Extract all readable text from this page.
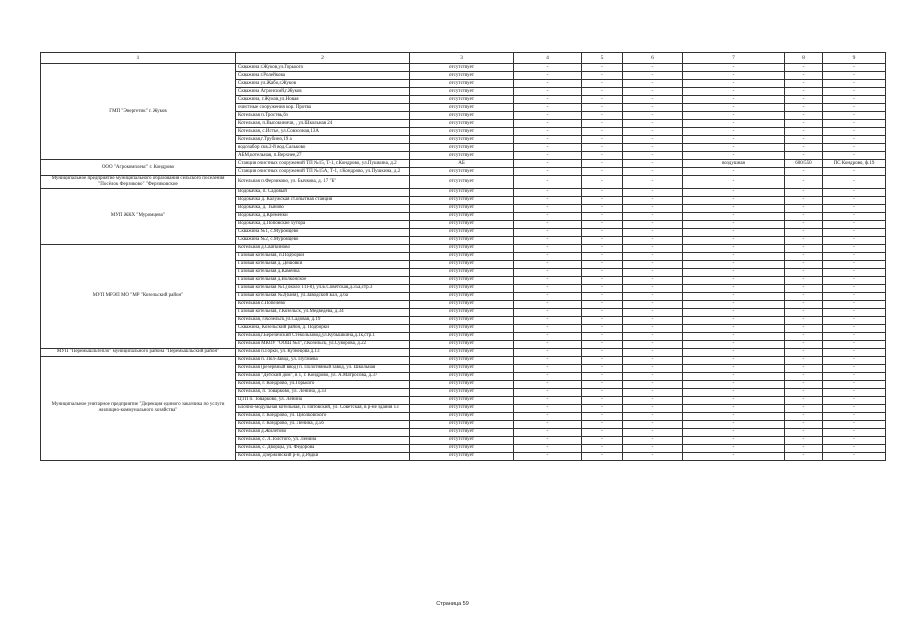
1	2	3	4	5	6	7	8	9
ГМП "Энергетик" г. Жуков	Скважина г.Жуков,ул.Горького	отсутствует	-	-	-	-	-	-
	Скважина г.Ролейкова	отсутствует	-	-	-	-	-	-
	Скважина ул.Жабо,г.Жуков	отсутствует	-	-	-	-	-	-
	Скважина Агронский,г.Жуков	отсутствует	-	-	-	-	-	-
	Скважина, г.Жуков,ул.Новая	отсутствует	-	-	-	-	-	-
	очистные сооружения кор. Протва	отсутствует	-	-	-	-	-	-
	Котельная п.Троствь,6з	отсутствует	-	-	-	-	-	-
	Котельная, п.Высокиничи, , ул.Школьная 24	отсутствует	-	-	-	-	-	-
	Котельная, с.Истье, ул.Совхозная,13А	отсутствует	-	-	-	-	-	-
	Котельная,г.Трубино,19 а	отсутствует	-	-	-	-	-	-
	водозабор скв.2-й вод.Сальково	отсутствует	-	-	-	-	-	-
	АБМ,котельная, п.Верхнее,27	отсутствует	-	-	-	-	-	-
ООО "Агрокомплекс" г. Кондрово	Станция очистных сооружений ТП №15, Т-1, г.Кондрово, ул.Пушкина, д.2	АБ	-	-	-	воздушная	600/550	ПС Кондрово, ф.19
	Станция очистных сооружений ТП №15А, Т-1, г.Кондрово, ул.Пушкина, д.2	отсутствует	-	-	-	-	-	-
Муниципальное предприятие муниципального образования сельского поселения "Посёлок Ферзиково" "Ферзиковские	Котельная п.Ферзиково, ул. Бычкова, д. 17 "Б"	отсутствует	-	-	-	-	-	-
МУП ЖКХ "Муромцево"	Водокачка, п. Садовый	отсутствует	-	-	-	-	-	-
	Водокачка д. Калужская ст.опытная станция	отсутствует	-	-	-	-	-	-
	Водокачка, д. Тыново	отсутствует	-	-	-	-	-	-
	Водокачка, д.Кременки	отсутствует	-	-	-	-	-	-
	Водокачка, д.Поповские хутора	отсутствует	-	-	-	-	-	-
	Скважина №1, с.Муромцево	отсутствует	-	-	-	-	-	-
	Скважина №2, с.Муромцево	отсутствует	-	-	-	-	-	-
МУП МРЭП МО "МР "Козельский район"	Котельная д.Сваткиново	отсутствует	-	-	-	-	-	-
	Газовая котельная, п.Подборки	отсутствует	-	-	-	-	-	-
	Газовая котельная д. Дешовки	отсутствует	-	-	-	-	-	-
	Газовая котельная д.Каменка	отсутствует	-	-	-	-	-	-
	Газовая котельная д.Волконское	отсутствует	-	-	-	-	-	-
	Газовая котельная №1,(около ТП-8), ул.Б.Советская,д.35а,стр.3	отсутствует	-	-	-	-	-	-
	Газовая котельная №2(баня), ул.Заводской Бал, д.6а	отсутствует	-	-	-	-	-	-
	Котельная с.Попелево	отсутствует	-	-	-	-	-	-
	Газовая котельная, г.Козельск, ул.Медведева, д.34	отсутствует	-	-	-	-	-	-
	Котельная, г.Козельск,ул.Садовая, д.19	отсутствует	-	-	-	-	-	-
	Скважина, Козельский район, д. Подборки	отсутствует	-	-	-	-	-	-
	Котельная,г.Березичский Стекользавод,ул.Кубышкина,д.1к,стр.1	отсутствует	-	-	-	-	-	-
	Котельная МКОУ "ООШ №4", г.Козельск, ул.Суворова, д.22	отсутствует	-	-	-	-	-	-
МУП "Перемышльтепло" муниципального района "Перемышльский район"	Котельная п.Горки, ул. Кузнецова д.13	отсутствует	-	-	-	-	-	-
Муниципальное унитарное предприятие "Дирекция единого заказчика по услуги жилищно-коммунального хозяйства"	Котельная п. Пол-Завод, ул. Пугачёва	отсутствует	-	-	-	-	-	-
	Котельная (резервный ввод) п. Полотняный завод, ул. Школьная	отсутствует	-	-	-	-	-	-
	Котельная "Детский дом", в 1, г. Кондрово, ул. А.Матросова, д.37	отсутствует	-	-	-	-	-	-
	Котельная, г. Кондрово, ул.Горького	отсутствует	-	-	-	-	-	-
	Котельная, п. Товарково, ул. Ленина, д.33	отсутствует	-	-	-	-	-	-
	ЦТП п. Товарково, ул. Ленина	отсутствует	-	-	-	-	-	-
	Блочно-модульная котельная, п. Пятовский, ул. Советская, в р-не здания 13	отсутствует	-	-	-	-	-	-
	Котельная, г. Кондрово, ул. Циолковского	отсутствует	-	-	-	-	-	-
	Котельная, г. Кондрово, ул. Ленина, д.56	отсутствует	-	-	-	-	-	-
	Котельная д.Жилетово	отсутствует	-	-	-	-	-	-
	Котельная, с. Л.Толстого, ул. Ленина	отсутствует	-	-	-	-	-	-
	Котельная, с. Дворцы, ул. Федорова	отсутствует	-	-	-	-	-	-
	Котельная, Дзержинский р-н, д.Рядки	отсутствует	-	-	-	-	-	-
Страница 59
